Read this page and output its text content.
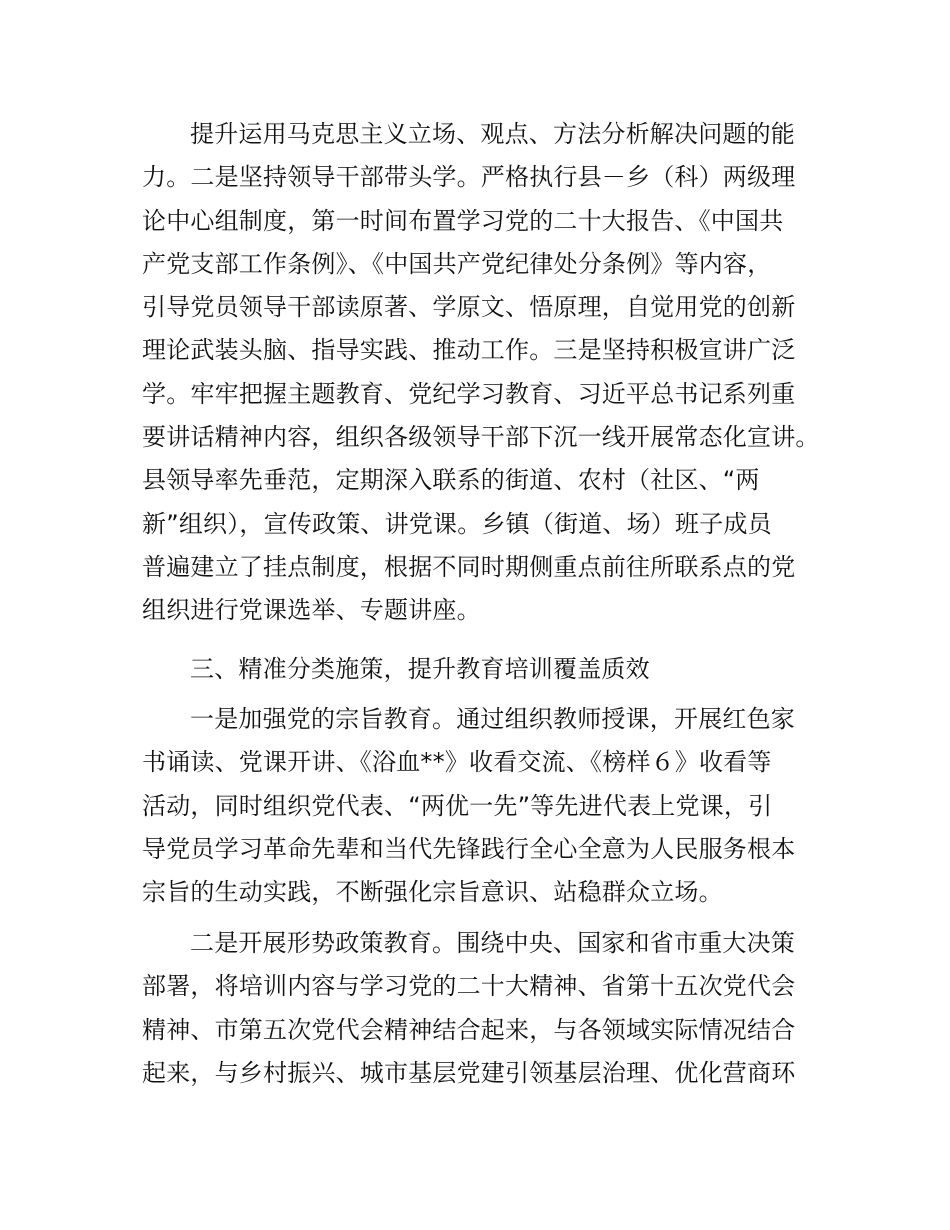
提升运用马克思主义立场、观点、方法分析解决问题的能
力。二是坚持领导干部带头学。严格执行县－乡（科）两级理
论中心组制度，第一时间布置学习党的二十大报告、《中国共
产党支部工作条例》、《中国共产党纪律处分条例》等内容，
引导党员领导干部读原著、学原文、悟原理，自觉用党的创新
理论武装头脑、指导实践、推动工作。三是坚持积极宣讲广泛
学。牢牢把握主题教育、党纪学习教育、习近平总书记系列重
要讲话精神内容，组织各级领导干部下沉一线开展常态化宣讲。
县领导率先垂范，定期深入联系的街道、农村（社区、“两
新”组织），宣传政策、讲党课。乡镇（街道、场）班子成员
普遍建立了挂点制度，根据不同时期侧重点前往所联系点的党
组织进行党课选举、专题讲座。
三、精准分类施策，提升教育培训覆盖质效
一是加强党的宗旨教育。通过组织教师授课，开展红色家
书诵读、党课开讲、《浴血**》收看交流、《榜样６》收看等
活动，同时组织党代表、“两优一先”等先进代表上党课，引
导党员学习革命先辈和当代先锋践行全心全意为人民服务根本
宗旨的生动实践，不断强化宗旨意识、站稳群众立场。
二是开展形势政策教育。围绕中央、国家和省市重大决策
部署，将培训内容与学习党的二十大精神、省第十五次党代会
精神、市第五次党代会精神结合起来，与各领域实际情况结合
起来，与乡村振兴、城市基层党建引领基层治理、优化营商环
